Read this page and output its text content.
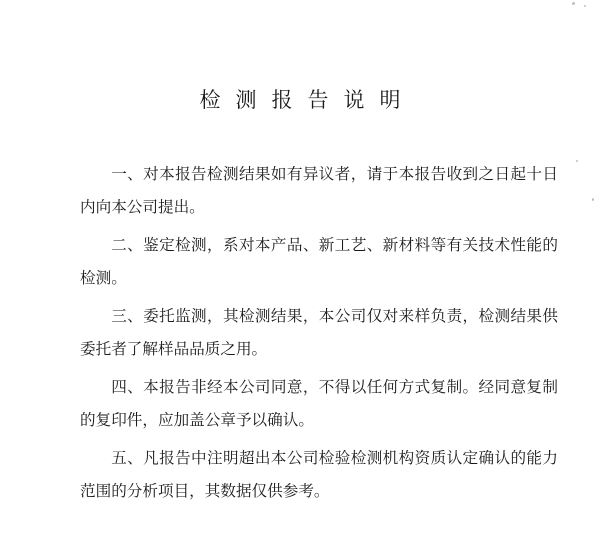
检测报告说明

一、对本报告检测结果如有异议者，请于本报告收到之日起十日内向本公司提出。

二、鉴定检测，系对本产品、新工艺、新材料等有关技术性能的检测。

三、委托监测，其检测结果，本公司仅对来样负责，检测结果供委托者了解样品品质之用。

四、本报告非经本公司同意，不得以任何方式复制。经同意复制的复印件，应加盖公章予以确认。

五、凡报告中注明超出本公司检验检测机构资质认定确认的能力范围的分析项目，其数据仅供参考。
